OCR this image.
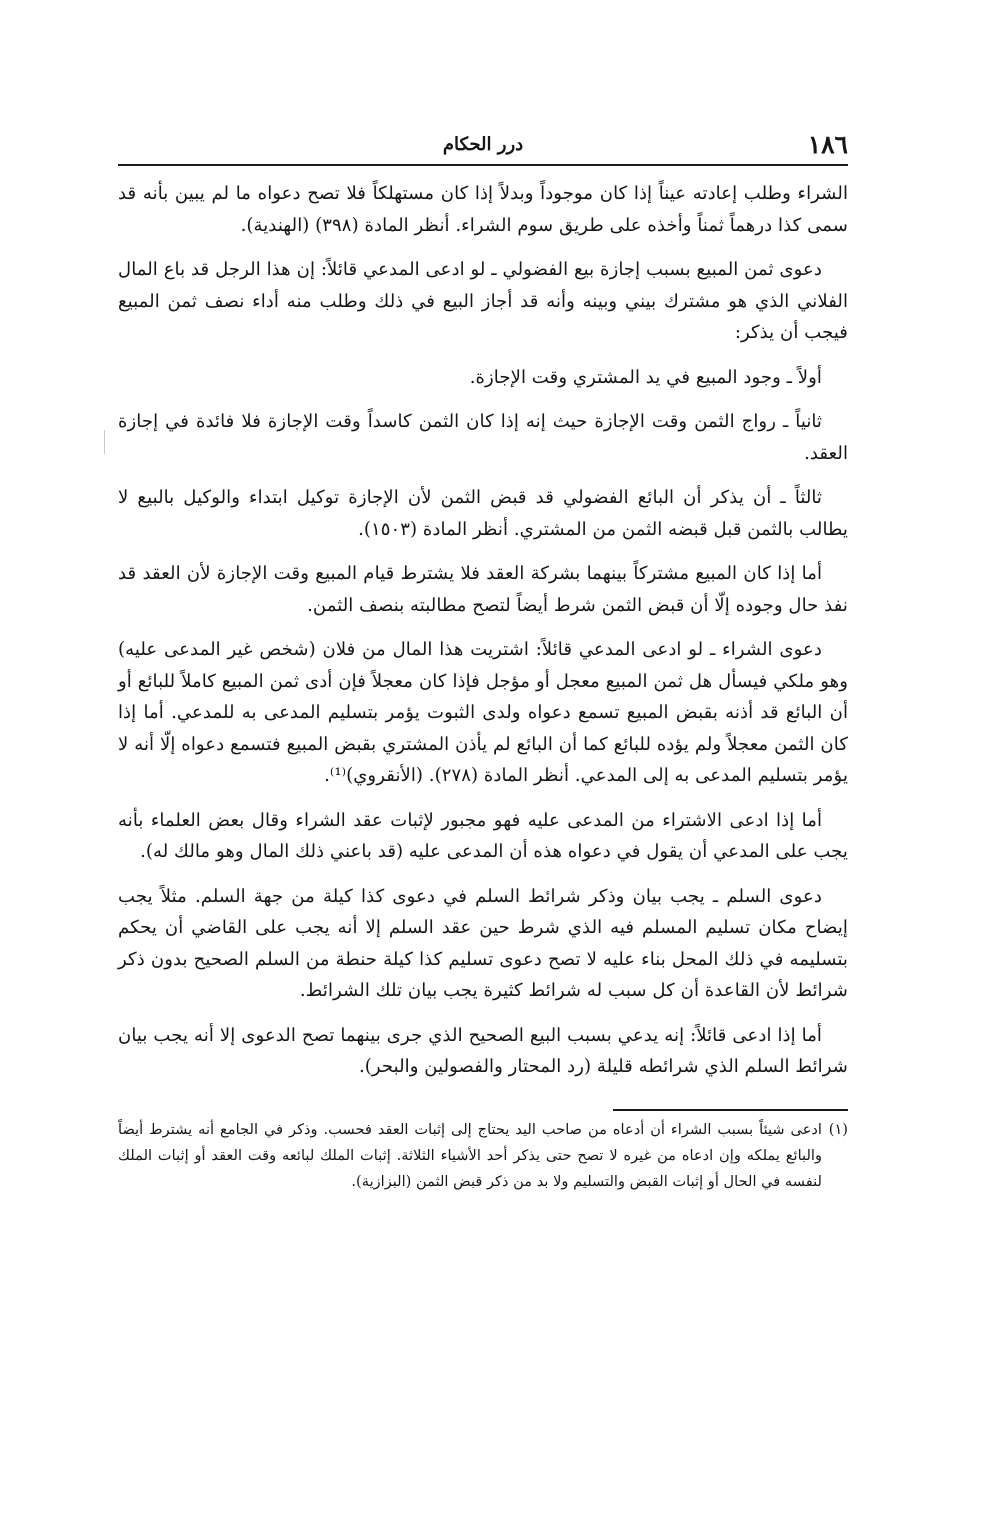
١٨٦
درر الحكام

الشراء وطلب إعادته عيناً إذا كان موجوداً وبدلاً إذا كان مستهلكاً فلا تصح دعواه ما لم يبين بأنه قد سمى كذا درهماً ثمناً وأخذه على طريق سوم الشراء. أنظر المادة (٣٩٨) (الهندية).

دعوى ثمن المبيع بسبب إجازة بيع الفضولي ـ لو ادعى المدعي قائلاً: إن هذا الرجل قد باع المال الفلاني الذي هو مشترك بيني وبينه وأنه قد أجاز البيع في ذلك وطلب منه أداء نصف ثمن المبيع فيجب أن يذكر:

أولاً ـ وجود المبيع في يد المشتري وقت الإجازة.

ثانياً ـ رواج الثمن وقت الإجازة حيث إنه إذا كان الثمن كاسداً وقت الإجازة فلا فائدة في إجازة العقد.

ثالثاً ـ أن يذكر أن البائع الفضولي قد قبض الثمن لأن الإجازة توكيل ابتداء والوكيل بالبيع لا يطالب بالثمن قبل قبضه الثمن من المشتري. أنظر المادة (١٥٠٣).

أما إذا كان المبيع مشتركاً بينهما بشركة العقد فلا يشترط قيام المبيع وقت الإجازة لأن العقد قد نفذ حال وجوده إلّا أن قبض الثمن شرط أيضاً لتصح مطالبته بنصف الثمن.

دعوى الشراء ـ لو ادعى المدعي قائلاً: اشتريت هذا المال من فلان (شخص غير المدعى عليه) وهو ملكي فيسأل هل ثمن المبيع معجل أو مؤجل فإذا كان معجلاً فإن أدى ثمن المبيع كاملاً للبائع أو أن البائع قد أذنه بقبض المبيع تسمع دعواه ولدى الثبوت يؤمر بتسليم المدعى به للمدعي. أما إذا كان الثمن معجلاً ولم يؤده للبائع كما أن البائع لم يأذن المشتري بقبض المبيع فتسمع دعواه إلّا أنه لا يؤمر بتسليم المدعى به إلى المدعي. أنظر المادة (٢٧٨). (الأنقروي)⁽¹⁾.

أما إذا ادعى الاشتراء من المدعى عليه فهو مجبور لإثبات عقد الشراء وقال بعض العلماء بأنه يجب على المدعي أن يقول في دعواه هذه أن المدعى عليه (قد باعني ذلك المال وهو مالك له).

دعوى السلم ـ يجب بيان وذكر شرائط السلم في دعوى كذا كيلة من جهة السلم. مثلاً يجب إيضاح مكان تسليم المسلم فيه الذي شرط حين عقد السلم إلا أنه يجب على القاضي أن يحكم بتسليمه في ذلك المحل بناء عليه لا تصح دعوى تسليم كذا كيلة حنطة من السلم الصحيح بدون ذكر شرائط لأن القاعدة أن كل سبب له شرائط كثيرة يجب بيان تلك الشرائط.

أما إذا ادعى قائلاً: إنه يدعي بسبب البيع الصحيح الذي جرى بينهما تصح الدعوى إلا أنه يجب بيان شرائط السلم الذي شرائطه قليلة (رد المحتار والفصولين والبحر).

(١)
ادعى شيئاً بسبب الشراء أن أدعاه من صاحب اليد يحتاج إلى إثبات العقد فحسب. وذكر في الجامع أنه يشترط أيضاً والبائع يملكه وإن ادعاه من غيره لا تصح حتى يذكر أحد الأشياء الثلاثة. إثبات الملك لبائعه وقت العقد أو إثبات الملك لنفسه في الحال أو إثبات القبض والتسليم ولا بد من ذكر قبض الثمن (البزازية).
